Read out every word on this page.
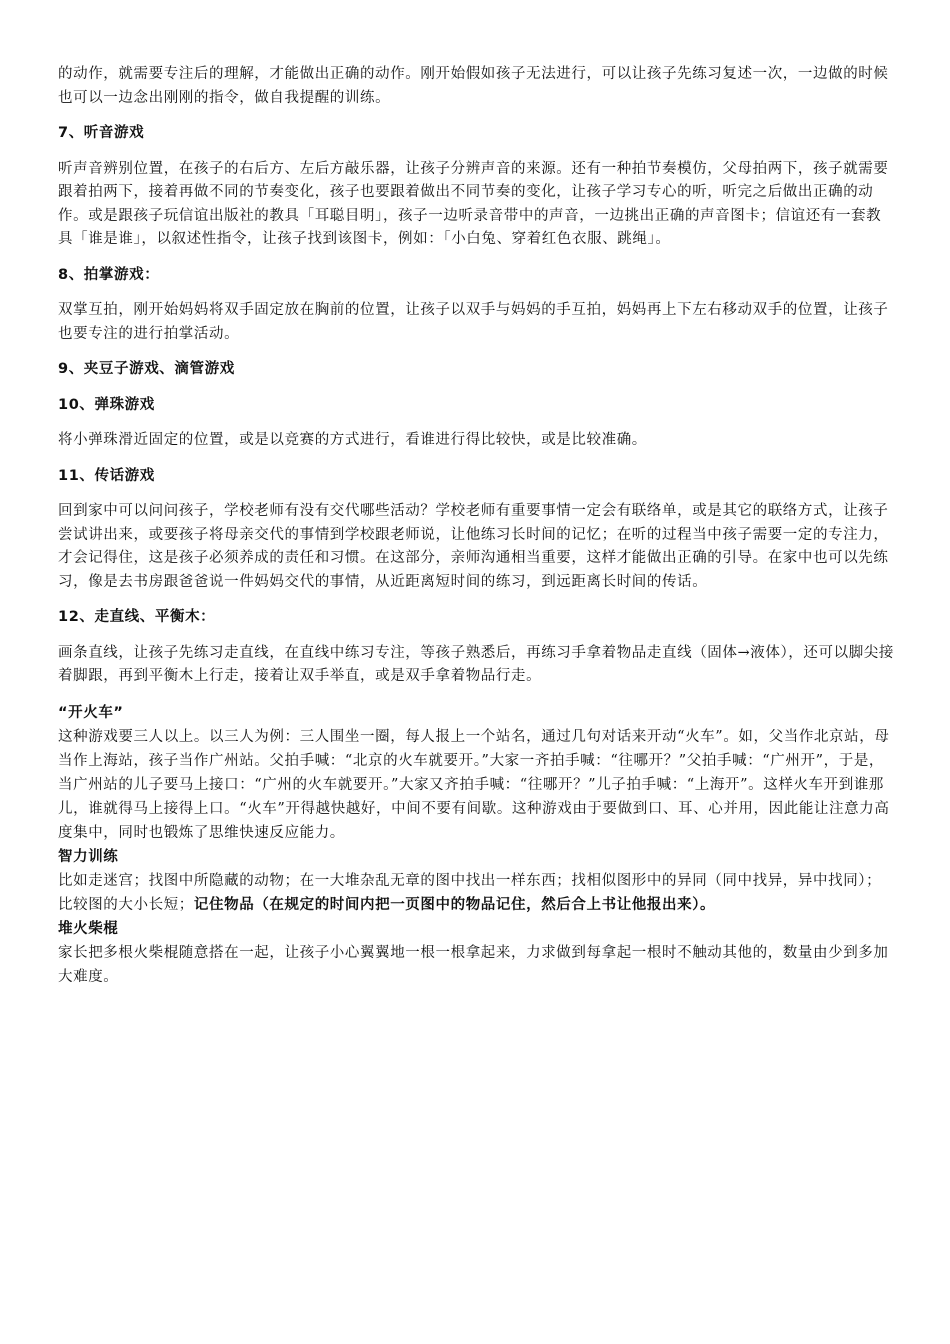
的动作，就需要专注后的理解，才能做出正确的动作。刚开始假如孩子无法进行，可以让孩子先练习复述一次，一边做的时候也可以一边念出刚刚的指令，做自我提醒的训练。

7、听音游戏

听声音辨别位置，在孩子的右后方、左后方敲乐器，让孩子分辨声音的来源。还有一种拍节奏模仿，父母拍两下，孩子就需要跟着拍两下，接着再做不同的节奏变化，孩子也要跟着做出不同节奏的变化，让孩子学习专心的听，听完之后做出正确的动作。或是跟孩子玩信谊出版社的教具「耳聪目明」，孩子一边听录音带中的声音，一边挑出正确的声音图卡；信谊还有一套教具「谁是谁」，以叙述性指令，让孩子找到该图卡，例如：「小白兔、穿着红色衣服、跳绳」。

8、拍掌游戏：

双掌互拍，刚开始妈妈将双手固定放在胸前的位置，让孩子以双手与妈妈的手互拍，妈妈再上下左右移动双手的位置，让孩子也要专注的进行拍掌活动。

9、夹豆子游戏、滴管游戏
10、弹珠游戏

将小弹珠滑近固定的位置，或是以竞赛的方式进行，看谁进行得比较快，或是比较准确。

11、传话游戏

回到家中可以问问孩子，学校老师有没有交代哪些活动？学校老师有重要事情一定会有联络单，或是其它的联络方式，让孩子尝试讲出来，或要孩子将母亲交代的事情到学校跟老师说，让他练习长时间的记忆；在听的过程当中孩子需要一定的专注力，才会记得住，这是孩子必须养成的责任和习惯。在这部分，亲师沟通相当重要，这样才能做出正确的引导。在家中也可以先练习，像是去书房跟爸爸说一件妈妈交代的事情，从近距离短时间的练习，到远距离长时间的传话。

12、走直线、平衡木：

画条直线，让孩子先练习走直线，在直线中练习专注，等孩子熟悉后，再练习手拿着物品走直线（固体→液体），还可以脚尖接着脚跟，再到平衡木上行走，接着让双手举直，或是双手拿着物品行走。

“开火车”

这种游戏要三人以上。以三人为例：三人围坐一圈，每人报上一个站名，通过几句对话来开动“火车”。如，父当作北京站，母当作上海站，孩子当作广州站。父拍手喊：“北京的火车就要开。”大家一齐拍手喊：“往哪开？”父拍手喊：“广州开”，于是，当广州站的儿子要马上接口：“广州的火车就要开。”大家又齐拍手喊：“往哪开？”儿子拍手喊：“上海开”。这样火车开到谁那儿，谁就得马上接得上口。“火车”开得越快越好，中间不要有间歇。这种游戏由于要做到口、耳、心并用，因此能让注意力高度集中，同时也锻炼了思维快速反应能力。

智力训练

比如走迷宫；找图中所隐藏的动物；在一大堆杂乱无章的图中找出一样东西；找相似图形中的异同（同中找异，异中找同）；比较图的大小长短；记住物品（在规定的时间内把一页图中的物品记住，然后合上书让他报出来）。

堆火柴棍

家长把多根火柴棍随意搭在一起，让孩子小心翼翼地一根一根拿起来，力求做到每拿起一根时不触动其他的，数量由少到多加大难度。
